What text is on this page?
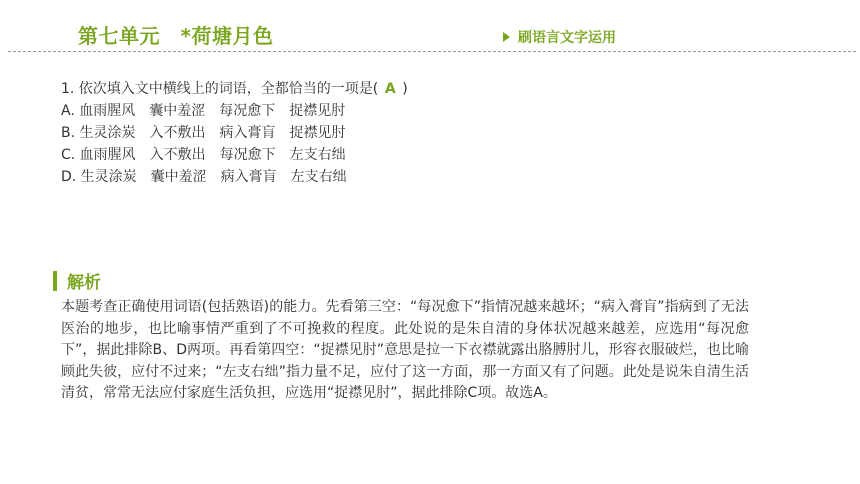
第七单元　*荷塘月色	刷语言文字运用
1. 依次填入文中横线上的词语，全都恰当的一项是( A )
A. 血雨腥风　囊中羞涩　每况愈下　捉襟见肘
B. 生灵涂炭　入不敷出　病入膏肓　捉襟见肘
C. 血雨腥风　入不敷出　每况愈下　左支右绌
D. 生灵涂炭　囊中羞涩　病入膏肓　左支右绌
解析
本题考查正确使用词语(包括熟语)的能力。先看第三空：“每况愈下”指情况越来越坏；“病入膏肓”指病到了无法医治的地步，也比喻事情严重到了不可挽救的程度。此处说的是朱自清的身体状况越来越差，应选用“每况愈下”，据此排除B、D两项。再看第四空：“捉襟见肘”意思是拉一下衣襟就露出胳膊肘儿，形容衣服破烂，也比喻顾此失彼，应付不过来；“左支右绌”指力量不足，应付了这一方面，那一方面又有了问题。此处是说朱自清生活清贫，常常无法应付家庭生活负担，应选用“捉襟见肘”，据此排除C项。故选A。
